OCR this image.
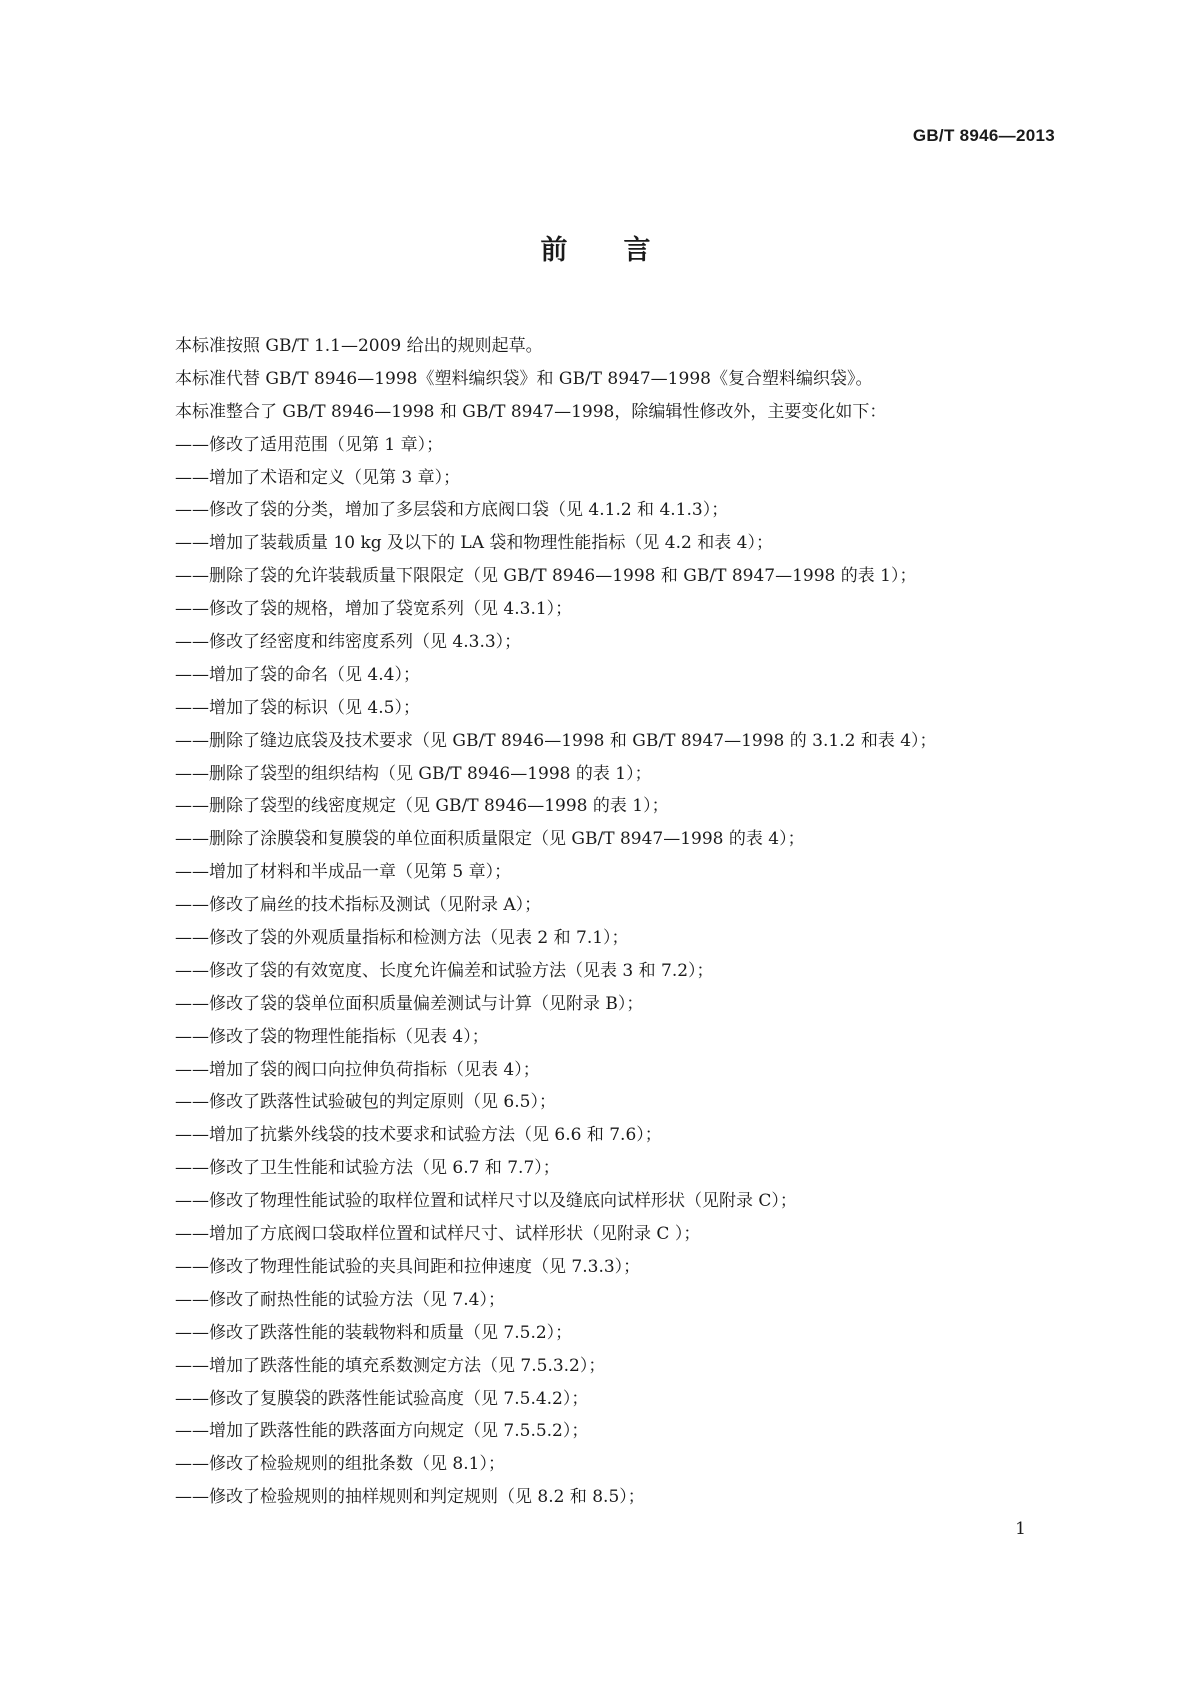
GB/T 8946—2013
前言
本标准按照 GB/T 1.1—2009 给出的规则起草。
本标准代替 GB/T 8946—1998《塑料编织袋》和 GB/T 8947—1998《复合塑料编织袋》。
本标准整合了 GB/T 8946—1998 和 GB/T 8947—1998，除编辑性修改外，主要变化如下：
——修改了适用范围（见第 1 章）；
——增加了术语和定义（见第 3 章）；
——修改了袋的分类，增加了多层袋和方底阀口袋（见 4.1.2 和 4.1.3）；
——增加了装载质量 10 kg 及以下的 LA 袋和物理性能指标（见 4.2 和表 4）；
——删除了袋的允许装载质量下限限定（见 GB/T 8946—1998 和 GB/T 8947—1998 的表 1）；
——修改了袋的规格，增加了袋宽系列（见 4.3.1）；
——修改了经密度和纬密度系列（见 4.3.3）；
——增加了袋的命名（见 4.4）；
——增加了袋的标识（见 4.5）；
——删除了缝边底袋及技术要求（见 GB/T 8946—1998 和 GB/T 8947—1998 的 3.1.2 和表 4）；
——删除了袋型的组织结构（见 GB/T 8946—1998 的表 1）；
——删除了袋型的线密度规定（见 GB/T 8946—1998 的表 1）；
——删除了涂膜袋和复膜袋的单位面积质量限定（见 GB/T 8947—1998 的表 4）；
——增加了材料和半成品一章（见第 5 章）；
——修改了扁丝的技术指标及测试（见附录 A）；
——修改了袋的外观质量指标和检测方法（见表 2 和 7.1）；
——修改了袋的有效宽度、长度允许偏差和试验方法（见表 3 和 7.2）；
——修改了袋的袋单位面积质量偏差测试与计算（见附录 B）；
——修改了袋的物理性能指标（见表 4）；
——增加了袋的阀口向拉伸负荷指标（见表 4）；
——修改了跌落性试验破包的判定原则（见 6.5）；
——增加了抗紫外线袋的技术要求和试验方法（见 6.6 和 7.6）；
——修改了卫生性能和试验方法（见 6.7 和 7.7）；
——修改了物理性能试验的取样位置和试样尺寸以及缝底向试样形状（见附录 C）；
——增加了方底阀口袋取样位置和试样尺寸、试样形状（见附录 C ）；
——修改了物理性能试验的夹具间距和拉伸速度（见 7.3.3）；
——修改了耐热性能的试验方法（见 7.4）；
——修改了跌落性能的装载物料和质量（见 7.5.2）；
——增加了跌落性能的填充系数测定方法（见 7.5.3.2）；
——修改了复膜袋的跌落性能试验高度（见 7.5.4.2）；
——增加了跌落性能的跌落面方向规定（见 7.5.5.2）；
——修改了检验规则的组批条数（见 8.1）；
——修改了检验规则的抽样规则和判定规则（见 8.2 和 8.5）；
1
